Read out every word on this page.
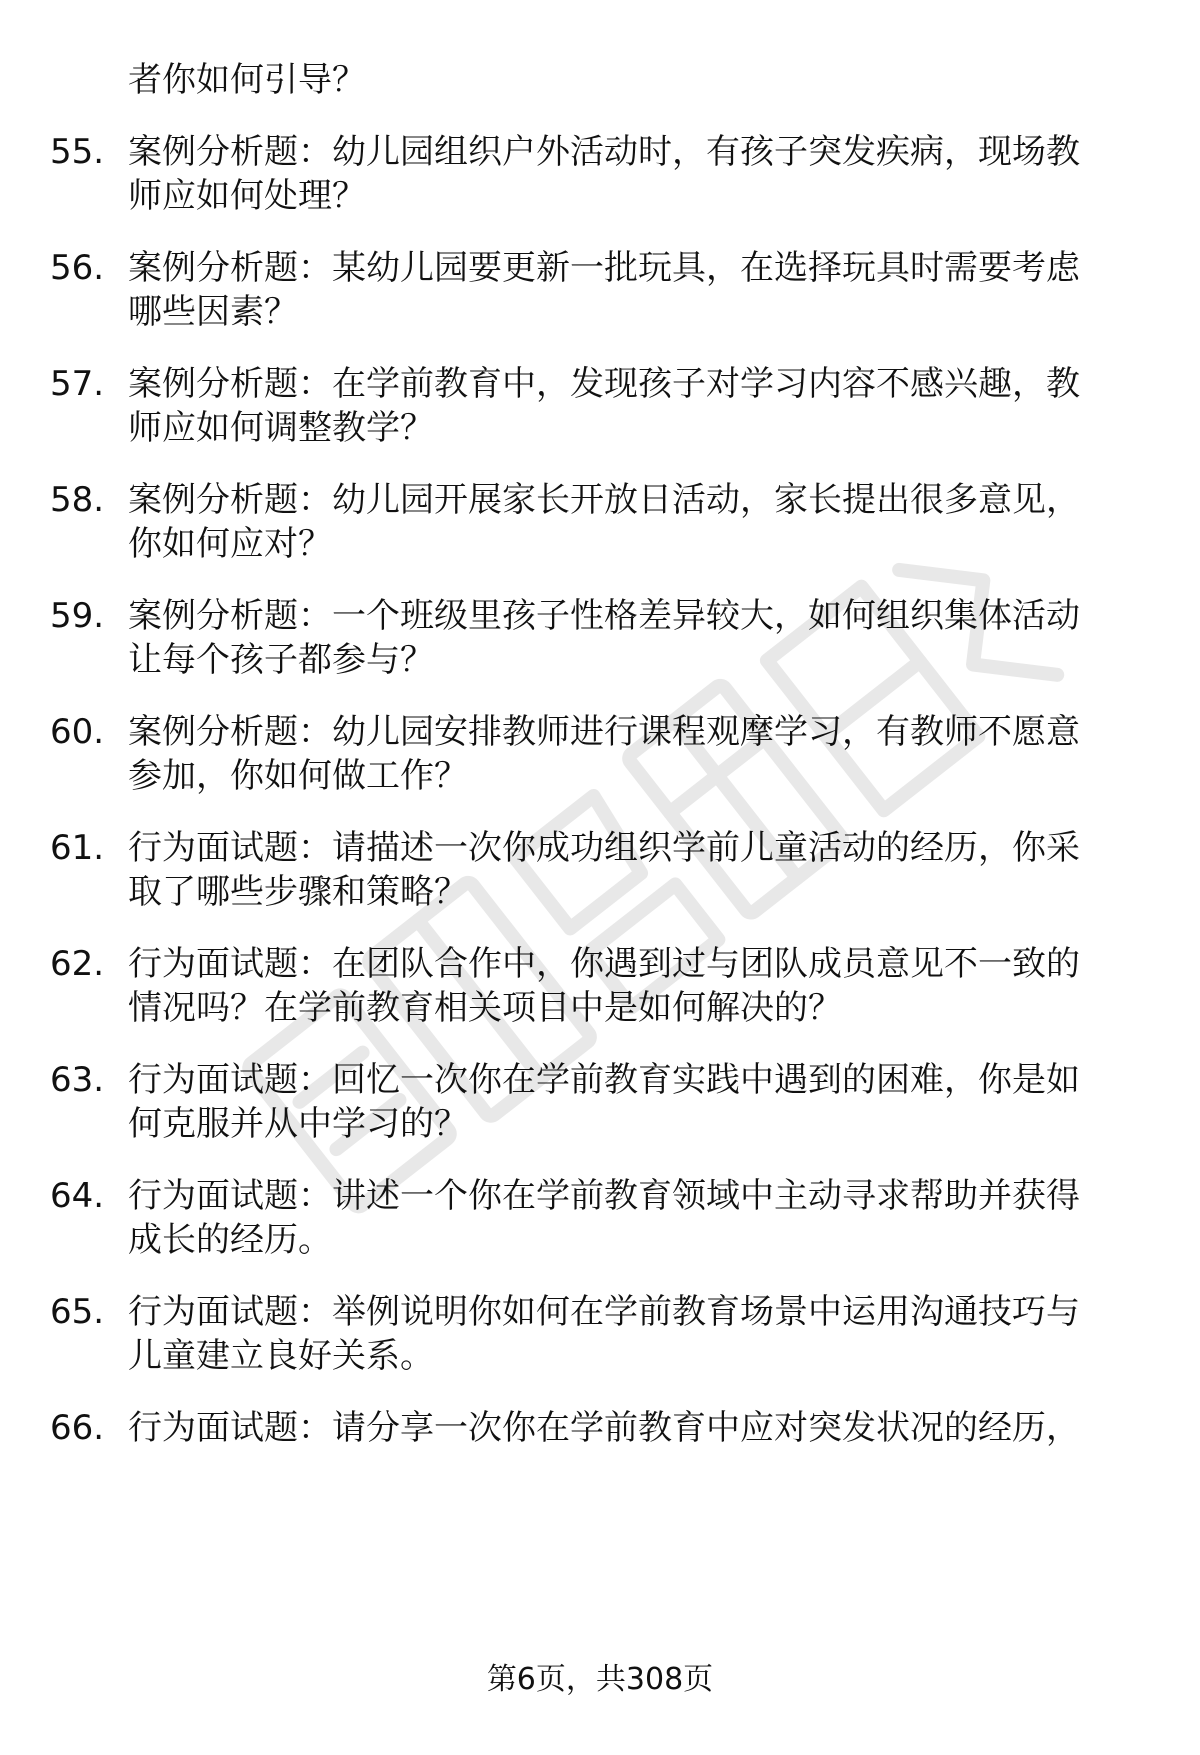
者你如何引导？
55. 案例分析题：幼儿园组织户外活动时，有孩子突发疾病，现场教
师应如何处理？
56. 案例分析题：某幼儿园要更新一批玩具，在选择玩具时需要考虑
哪些因素？
57. 案例分析题：在学前教育中，发现孩子对学习内容不感兴趣，教
师应如何调整教学？
58. 案例分析题：幼儿园开展家长开放日活动，家长提出很多意见，
你如何应对？
59. 案例分析题：一个班级里孩子性格差异较大，如何组织集体活动
让每个孩子都参与？
60. 案例分析题：幼儿园安排教师进行课程观摩学习，有教师不愿意
参加，你如何做工作？
61. 行为面试题：请描述一次你成功组织学前儿童活动的经历，你采
取了哪些步骤和策略？
62. 行为面试题：在团队合作中，你遇到过与团队成员意见不一致的
情况吗？在学前教育相关项目中是如何解决的？
63. 行为面试题：回忆一次你在学前教育实践中遇到的困难，你是如
何克服并从中学习的？
64. 行为面试题：讲述一个你在学前教育领域中主动寻求帮助并获得
成长的经历。
65. 行为面试题：举例说明你如何在学前教育场景中运用沟通技巧与
儿童建立良好关系。
66. 行为面试题：请分享一次你在学前教育中应对突发状况的经历，
第6页，共308页
